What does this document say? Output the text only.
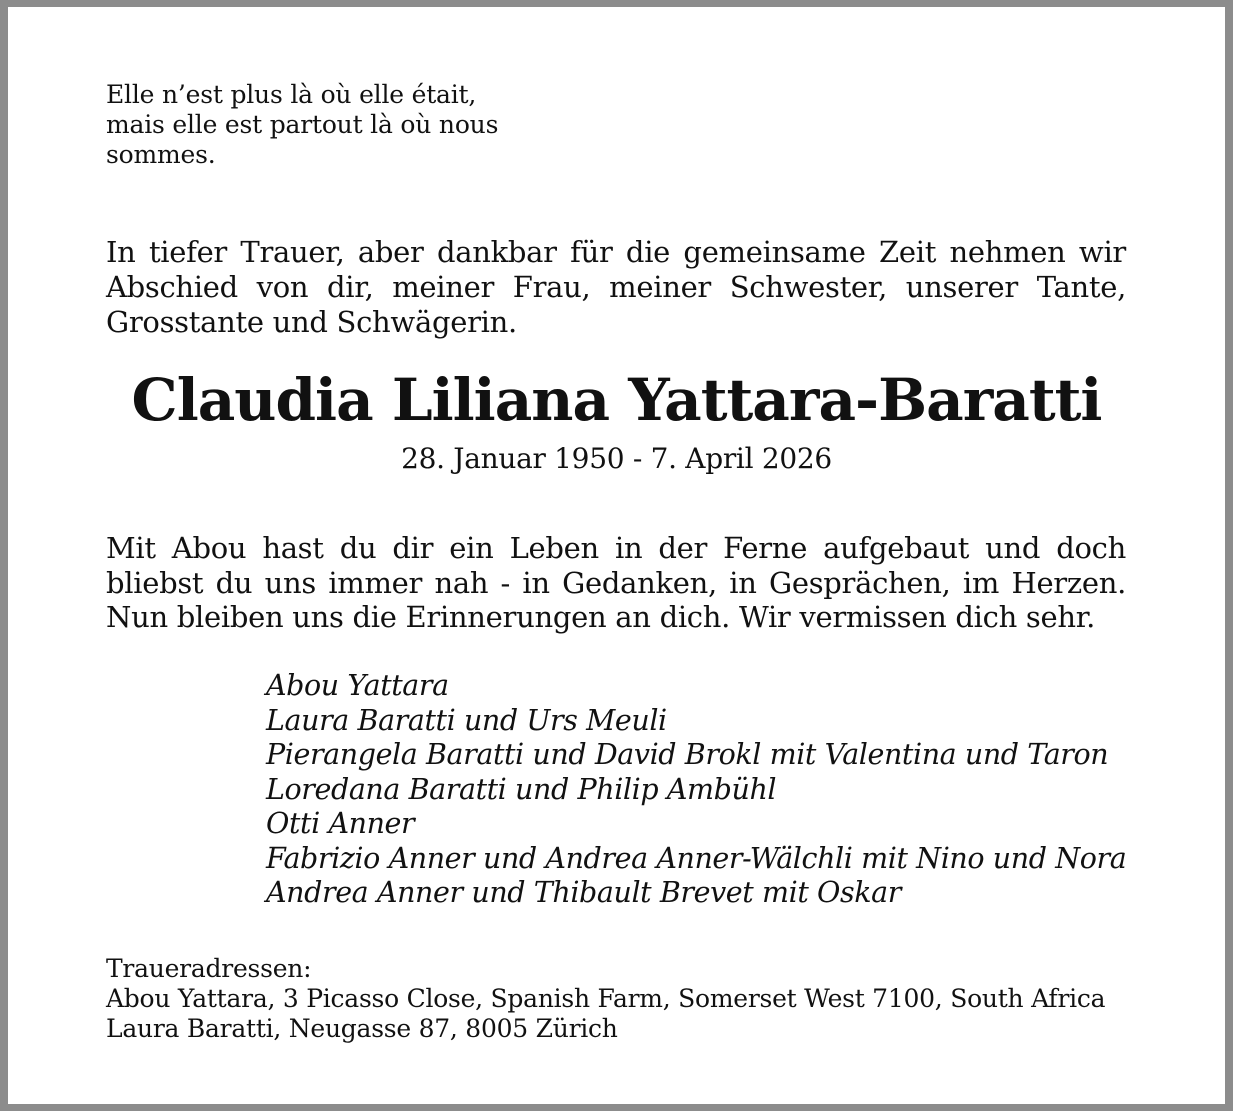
Elle n’est plus là où elle était,
mais elle est partout là où nous
sommes.

In tiefer Trauer, aber dankbar für die gemeinsame Zeit nehmen wir Abschied von dir, meiner Frau, meiner Schwester, unserer Tante, Grosstante und Schwägerin.

Claudia Liliana Yattara-Baratti

28. Januar 1950 - 7. April 2026

Mit Abou hast du dir ein Leben in der Ferne aufgebaut und doch bliebst du uns immer nah - in Gedanken, in Gesprächen, im Herzen. Nun bleiben uns die Erinnerungen an dich. Wir vermissen dich sehr.

Abou Yattara
Laura Baratti und Urs Meuli
Pierangela Baratti und David Brokl mit Valentina und Taron
Loredana Baratti und Philip Ambühl
Otti Anner
Fabrizio Anner und Andrea Anner-Wälchli mit Nino und Nora
Andrea Anner und Thibault Brevet mit Oskar
Traueradressen:
Abou Yattara, 3 Picasso Close, Spanish Farm, Somerset West 7100, South Africa
Laura Baratti, Neugasse 87, 8005 Zürich
